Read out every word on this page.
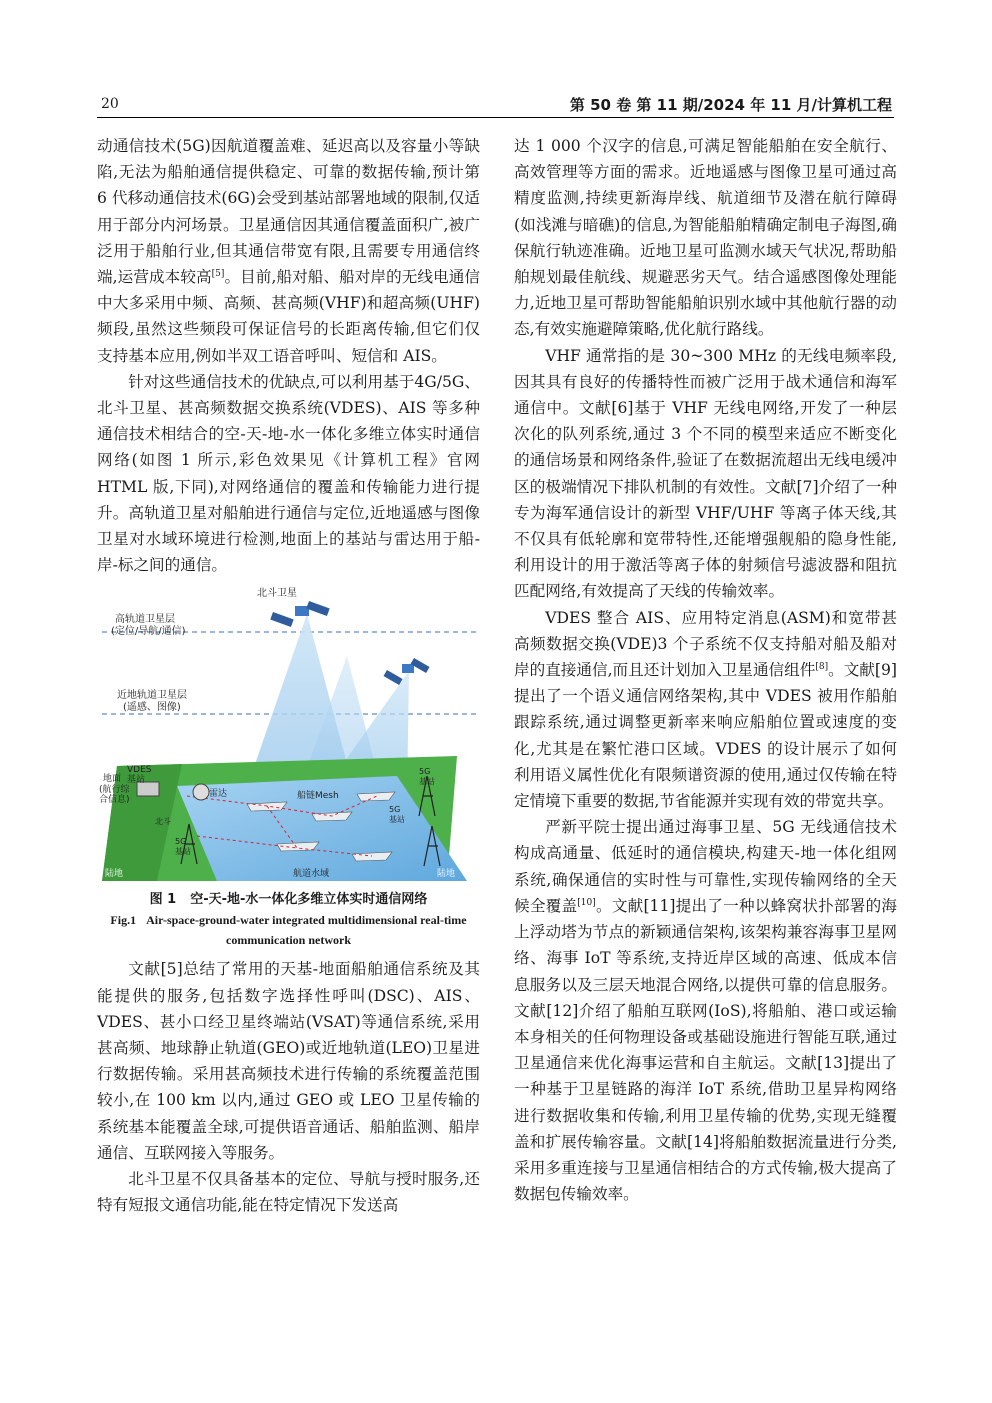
20	第 50 卷 第 11 期/2024 年 11 月/计算机工程

动通信技术(5G)因航道覆盖难、延迟高以及容量小等缺陷,无法为船舶通信提供稳定、可靠的数据传输,预计第 6 代移动通信技术(6G)会受到基站部署地域的限制,仅适用于部分内河场景。卫星通信因其通信覆盖面积广,被广泛用于船舶行业,但其通信带宽有限,且需要专用通信终端,运营成本较高[5]。目前,船对船、船对岸的无线电通信中大多采用中频、高频、甚高频(VHF)和超高频(UHF)频段,虽然这些频段可保证信号的长距离传输,但它们仅支持基本应用,例如半双工语音呼叫、短信和 AIS。

针对这些通信技术的优缺点,可以利用基于4G/5G、北斗卫星、甚高频数据交换系统(VDES)、AIS 等多种通信技术相结合的空-天-地-水一体化多维立体实时通信网络(如图 1 所示,彩色效果见《计算机工程》官网 HTML 版,下同),对网络通信的覆盖和传输能力进行提升。高轨道卫星对船舶进行通信与定位,近地遥感与图像卫星对水域环境进行检测,地面上的基站与雷达用于船-岸-标之间的通信。

北斗卫星
高轨道卫星层
(定位/导航/通信)
近地轨道卫星层
(遥感、图像)
VDES
基站
地面
(航行综
合信息)
雷达	船链Mesh
5G
基站
5G
基站
5G
基站
北斗
陆地	陆地
航道水域
图 1 空-天-地-水一体化多维立体实时通信网络
Fig.1 Air-space-ground-water integrated multidimensional real-time communication network

文献[5]总结了常用的天基-地面船舶通信系统及其能提供的服务,包括数字选择性呼叫(DSC)、AIS、VDES、甚小口经卫星终端站(VSAT)等通信系统,采用甚高频、地球静止轨道(GEO)或近地轨道(LEO)卫星进行数据传输。采用甚高频技术进行传输的系统覆盖范围较小,在 100 km 以内,通过 GEO 或 LEO 卫星传输的系统基本能覆盖全球,可提供语音通话、船舶监测、船岸通信、互联网接入等服务。

北斗卫星不仅具备基本的定位、导航与授时服务,还特有短报文通信功能,能在特定情况下发送高

达 1 000 个汉字的信息,可满足智能船舶在安全航行、高效管理等方面的需求。近地遥感与图像卫星可通过高精度监测,持续更新海岸线、航道细节及潜在航行障碍(如浅滩与暗礁)的信息,为智能船舶精确定制电子海图,确保航行轨迹准确。近地卫星可监测水域天气状况,帮助船舶规划最佳航线、规避恶劣天气。结合遥感图像处理能力,近地卫星可帮助智能船舶识别水域中其他航行器的动态,有效实施避障策略,优化航行路线。

VHF 通常指的是 30~300 MHz 的无线电频率段,因其具有良好的传播特性而被广泛用于战术通信和海军通信中。文献[6]基于 VHF 无线电网络,开发了一种层次化的队列系统,通过 3 个不同的模型来适应不断变化的通信场景和网络条件,验证了在数据流超出无线电缓冲区的极端情况下排队机制的有效性。文献[7]介绍了一种专为海军通信设计的新型 VHF/UHF 等离子体天线,其不仅具有低轮廓和宽带特性,还能增强舰船的隐身性能,利用设计的用于激活等离子体的射频信号滤波器和阻抗匹配网络,有效提高了天线的传输效率。

VDES 整合 AIS、应用特定消息(ASM)和宽带甚高频数据交换(VDE)3 个子系统不仅支持船对船及船对岸的直接通信,而且还计划加入卫星通信组件[8]。文献[9]提出了一个语义通信网络架构,其中 VDES 被用作船舶跟踪系统,通过调整更新率来响应船舶位置或速度的变化,尤其是在繁忙港口区域。VDES 的设计展示了如何利用语义属性优化有限频谱资源的使用,通过仅传输在特定情境下重要的数据,节省能源并实现有效的带宽共享。

严新平院士提出通过海事卫星、5G 无线通信技术构成高通量、低延时的通信模块,构建天-地一体化组网系统,确保通信的实时性与可靠性,实现传输网络的全天候全覆盖[10]。文献[11]提出了一种以蜂窝状扑部署的海上浮动塔为节点的新颖通信架构,该架构兼容海事卫星网络、海事 IoT 等系统,支持近岸区域的高速、低成本信息服务以及三层天地混合网络,以提供可靠的信息服务。文献[12]介绍了船舶互联网(IoS),将船舶、港口或运输本身相关的任何物理设备或基础设施进行智能互联,通过卫星通信来优化海事运营和自主航运。文献[13]提出了一种基于卫星链路的海洋 IoT 系统,借助卫星异构网络进行数据收集和传输,利用卫星传输的优势,实现无缝覆盖和扩展传输容量。文献[14]将船舶数据流量进行分类,采用多重连接与卫星通信相结合的方式传输,极大提高了数据包传输效率。
